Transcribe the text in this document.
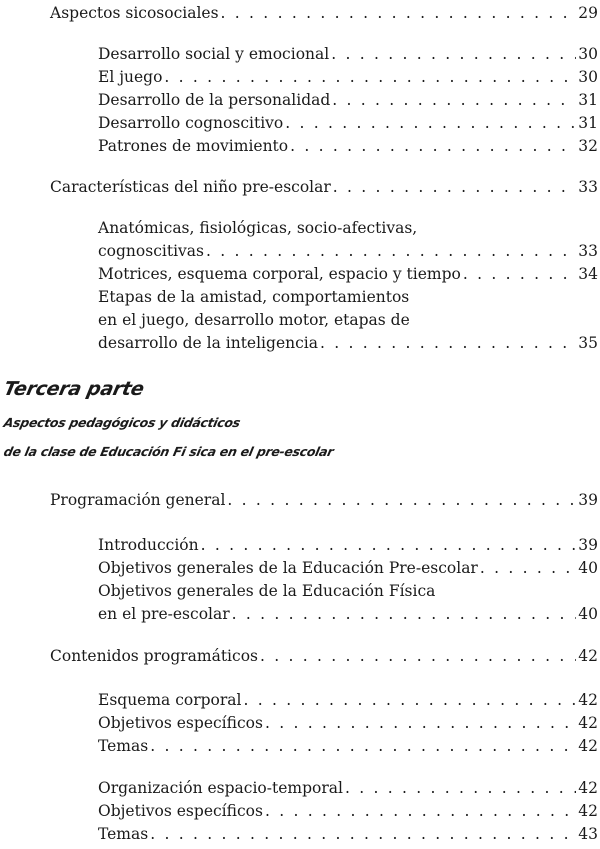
Aspectos sicosociales . . .	29
Desarrollo social y emocional . . .	30
El juego . . .	30
Desarrollo de la personalidad . . .	31
Desarrollo cognoscitivo . . .	31
Patrones de movimiento . . .	32
Características del niño pre-escolar . . .	33
Anatómicas, fisiológicas, socio-afectivas,
cognoscitivas . . .	33
Motrices, esquema corporal, espacio y tiempo . . .	34
Etapas de la amistad, comportamientos
en el juego, desarrollo motor, etapas de
desarrollo de la inteligencia . . .	35
Tercera parte
Aspectos pedagógicos y didácticos
de la clase de Educación Fi sica en el pre-escolar
Programación general . . .	39
Introducción . . .	39
Objetivos generales de la Educación Pre-escolar . . .	40
Objetivos generales de la Educación Física
en el pre-escolar . . .	40
Contenidos programáticos . . .	42
Esquema corporal . . .	42
Objetivos específicos . . .	42
Temas . . .	42
Organización espacio-temporal . . .	42
Objetivos específicos . . .	42
Temas . . .	43
